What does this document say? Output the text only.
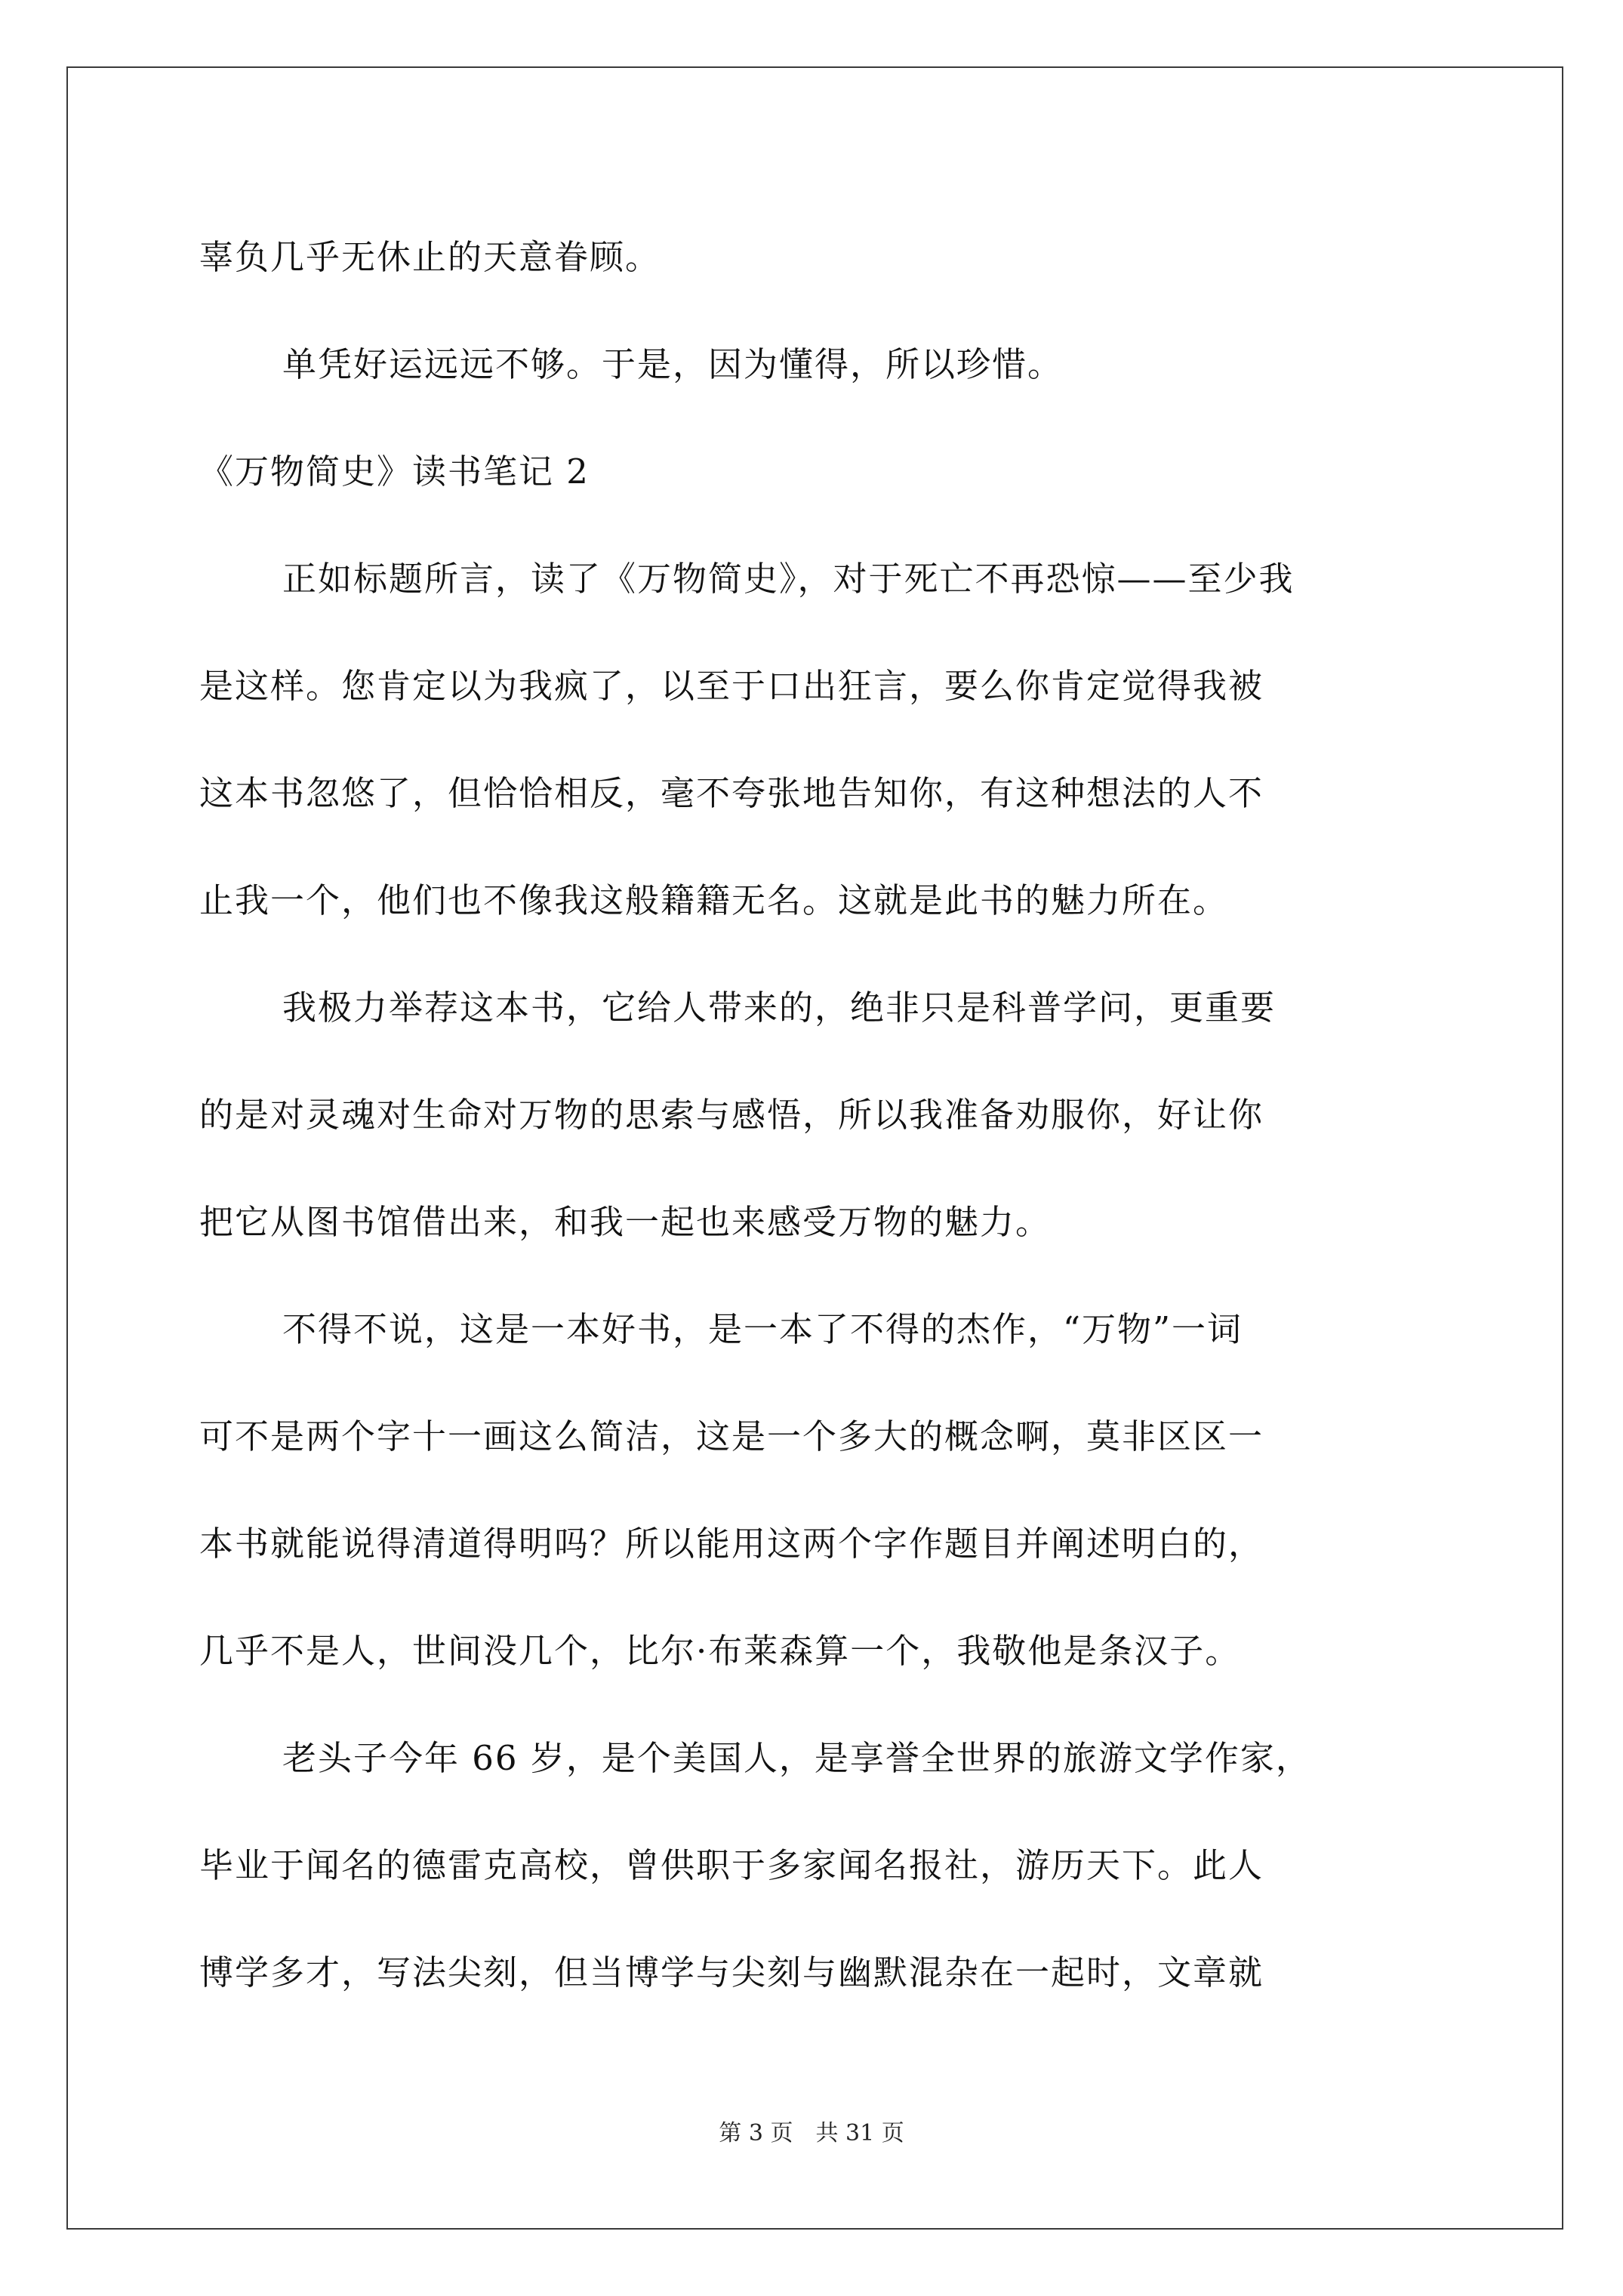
辜负几乎无休止的天意眷顾。
单凭好运远远不够。于是，因为懂得，所以珍惜。
《万物简史》读书笔记 2
正如标题所言，读了《万物简史》，对于死亡不再恐惊——至少我
是这样。您肯定以为我疯了，以至于口出狂言，要么你肯定觉得我被
这本书忽悠了，但恰恰相反，毫不夸张地告知你，有这种想法的人不
止我一个，他们也不像我这般籍籍无名。这就是此书的魅力所在。
我极力举荐这本书，它给人带来的，绝非只是科普学问，更重要
的是对灵魂对生命对万物的思索与感悟，所以我准备劝服你，好让你
把它从图书馆借出来，和我一起也来感受万物的魅力。
不得不说，这是一本好书，是一本了不得的杰作，“万物”一词
可不是两个字十一画这么简洁，这是一个多大的概念啊，莫非区区一
本书就能说得清道得明吗？所以能用这两个字作题目并阐述明白的，
几乎不是人，世间没几个，比尔·布莱森算一个，我敬他是条汉子。
老头子今年 66 岁，是个美国人，是享誉全世界的旅游文学作家，
毕业于闻名的德雷克高校，曾供职于多家闻名报社，游历天下。此人
博学多才，写法尖刻，但当博学与尖刻与幽默混杂在一起时，文章就
第 3 页　共 31 页
